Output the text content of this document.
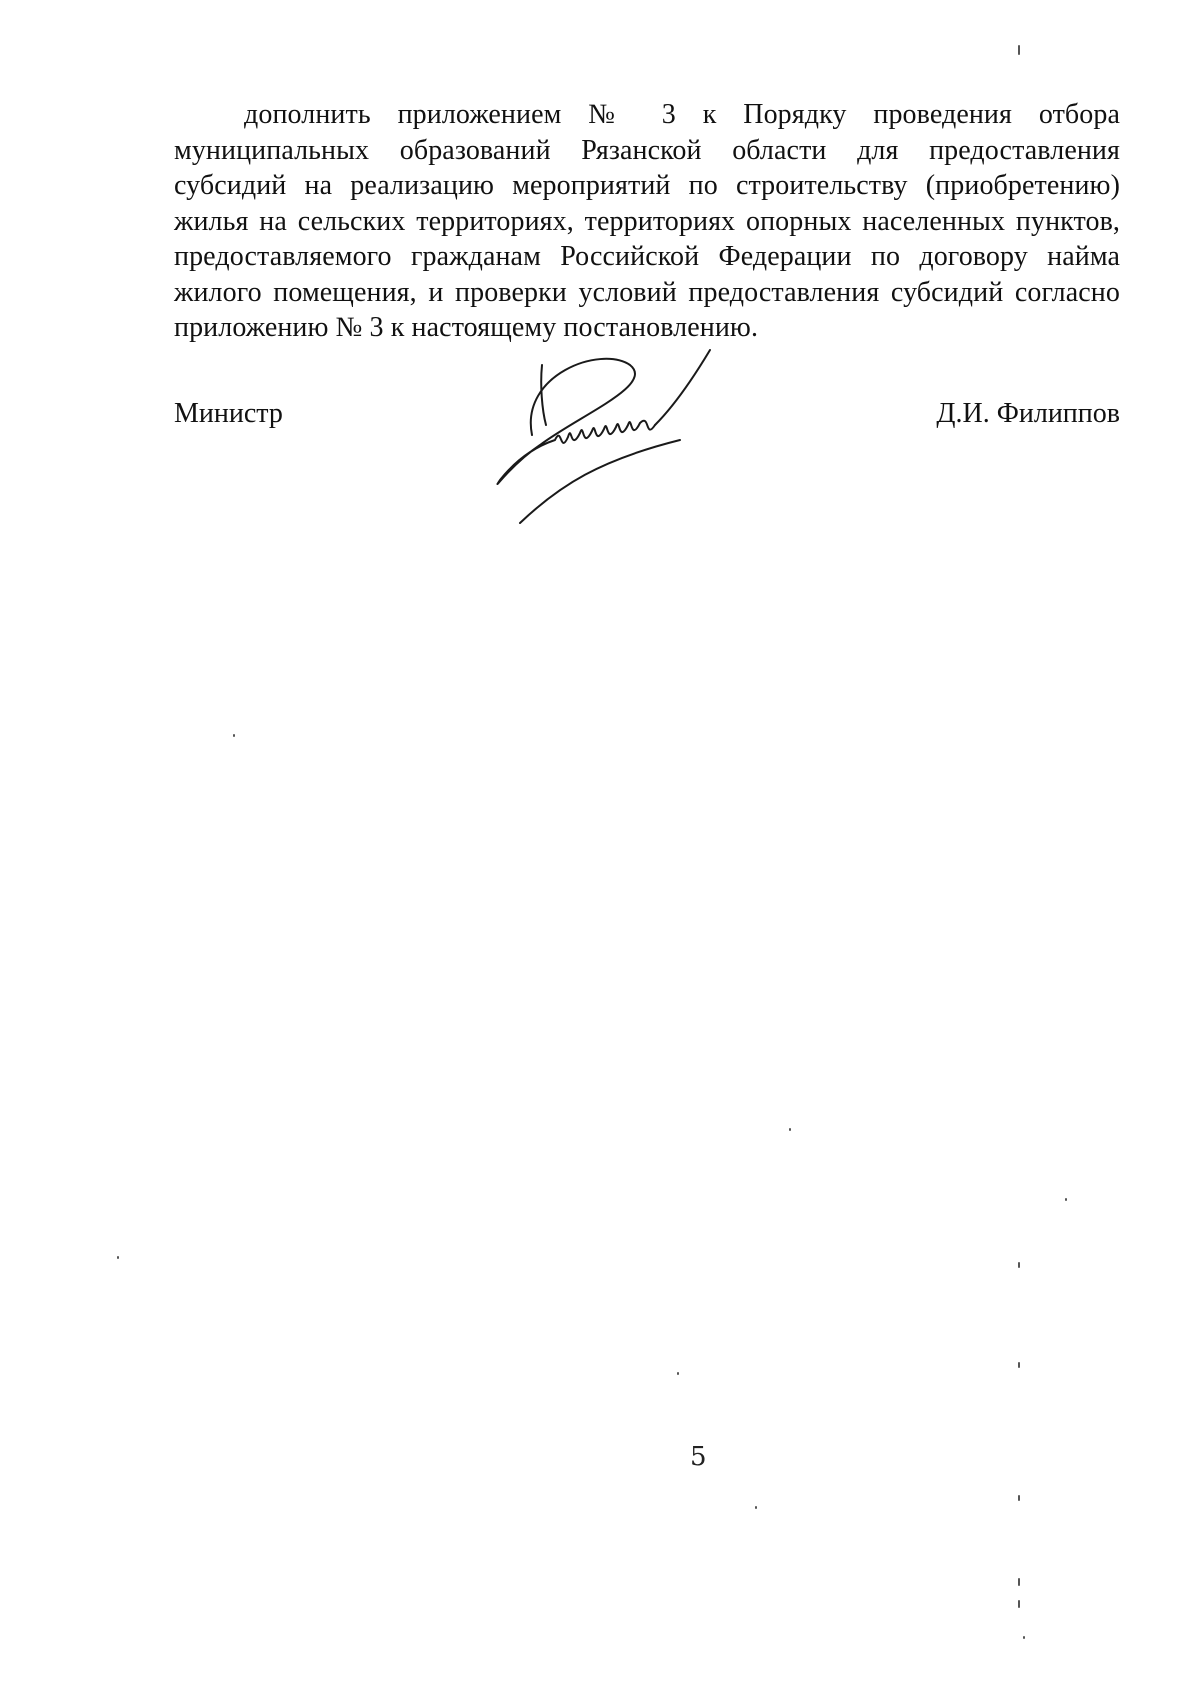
дополнить приложением № 3 к Порядку проведения отбора муниципальных образований Рязанской области для предоставления субсидий на реализацию мероприятий по строительству (приобретению) жилья на сельских территориях, территориях опорных населенных пунктов, предоставляемого гражданам Российской Федерации по договору найма жилого помещения, и проверки условий предоставления субсидий согласно приложению № 3 к настоящему постановлению.

Министр	Д.И. Филиппов
5
